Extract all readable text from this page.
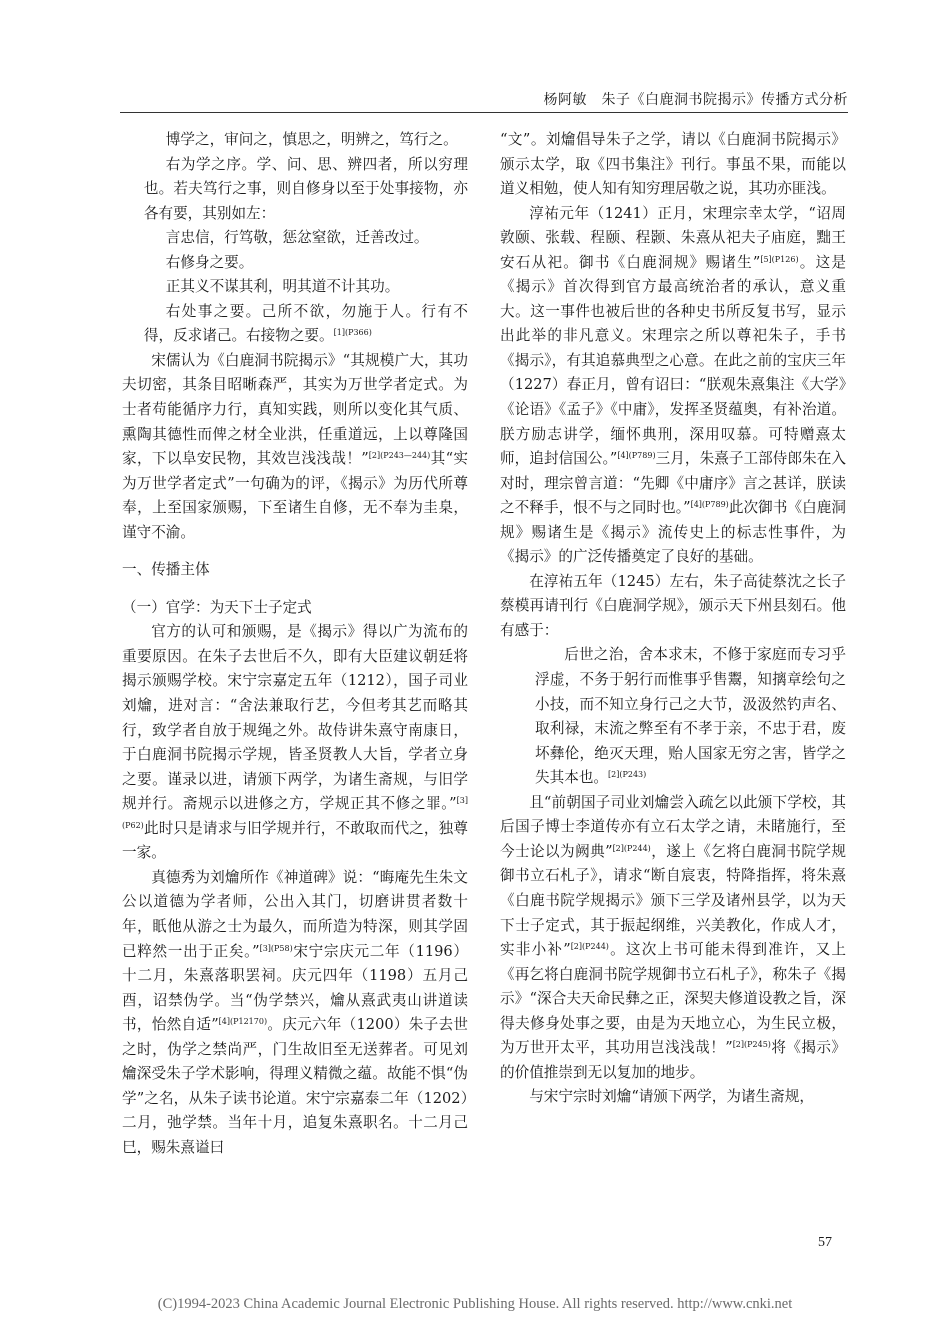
杨阿敏　朱子《白鹿洞书院揭示》传播方式分析

博学之，审问之，慎思之，明辨之，笃行之。

右为学之序。学、问、思、辨四者，所以穷理也。若夫笃行之事，则自修身以至于处事接物，亦各有要，其别如左：

言忠信，行笃敬，惩忿窒欲，迁善改过。

右修身之要。

正其义不谋其利，明其道不计其功。

右处事之要。己所不欲，勿施于人。行有不得，反求诸己。右接物之要。$^{[1](P366)}$

宋儒认为《白鹿洞书院揭示》“其规模广大，其功夫切密，其条目昭晰森严，其实为万世学者定式。为士者苟能循序力行，真知实践，则所以变化其气质、熏陶其德性而俾之材全业洪，任重道远，上以尊隆国家，下以阜安民物，其效岂浅浅哉！”$^{[2](P243—244)}$其“实为万世学者定式”一句确为的评，《揭示》为历代所尊奉，上至国家颁赐，下至诸生自修，无不奉为圭臬，谨守不渝。

一、传播主体

（一）官学：为天下士子定式

官方的认可和颁赐，是《揭示》得以广为流布的重要原因。在朱子去世后不久，即有大臣建议朝廷将揭示颁赐学校。宋宁宗嘉定五年（1212），国子司业刘爚，进对言：“舍法兼取行艺，今但考其艺而略其行，致学者自放于规绳之外。故侍讲朱熹守南康日，于白鹿洞书院揭示学规，皆圣贤教人大旨，学者立身之要。谨录以进，请颁下两学，为诸生斋规，与旧学规并行。斋规示以进修之方，学规正其不修之罪。”$^{[3](P62)}$此时只是请求与旧学规并行，不敢取而代之，独尊一家。

真德秀为刘爚所作《神道碑》说：“晦庵先生朱文公以道德为学者师，公出入其门，切磨讲贯者数十年，眂他从游之士为最久，而所造为特深，则其学固已粹然一出于正矣。”$^{[3](P58)}$宋宁宗庆元二年（1196）十二月，朱熹落职罢祠。庆元四年（1198）五月己酉，诏禁伪学。当“伪学禁兴，爚从熹武夷山讲道读书，怡然自适”$^{[4](P12170)}$。庆元六年（1200）朱子去世之时，伪学之禁尚严，门生故旧至无送葬者。可见刘爚深受朱子学术影响，得理义精微之蕴。故能不惧“伪学”之名，从朱子读书论道。宋宁宗嘉泰二年（1202）二月，弛学禁。当年十月，追复朱熹职名。十二月己巳，赐朱熹谥曰

“文”。刘爚倡导朱子之学，请以《白鹿洞书院揭示》颁示太学，取《四书集注》刊行。事虽不果，而能以道义相勉，使人知有知穷理居敬之说，其功亦匪浅。

淳祐元年（1241）正月，宋理宗幸太学，“诏周敦颐、张载、程颐、程颢、朱熹从祀夫子庙庭，黜王安石从祀。御书《白鹿洞规》赐诸生”$^{[5](P126)}$。这是《揭示》首次得到官方最高统治者的承认，意义重大。这一事件也被后世的各种史书所反复书写，显示出此举的非凡意义。宋理宗之所以尊祀朱子，手书《揭示》，有其追慕典型之心意。在此之前的宝庆三年（1227）春正月，曾有诏曰：“朕观朱熹集注《大学》《论语》《孟子》《中庸》，发挥圣贤蕴奥，有补治道。朕方励志讲学，缅怀典刑，深用叹慕。可特赠熹太师，追封信国公。”$^{[4](P789)}$三月，朱熹子工部侍郎朱在入对时，理宗曾言道：“先卿《中庸序》言之甚详，朕读之不释手，恨不与之同时也。”$^{[4](P789)}$此次御书《白鹿洞规》赐诸生是《揭示》流传史上的标志性事件，为《揭示》的广泛传播奠定了良好的基础。

在淳祐五年（1245）左右，朱子高徒蔡沈之长子蔡模再请刊行《白鹿洞学规》，颁示天下州县刻石。他有感于：

后世之治，舍本求末，不修于家庭而专习乎浮虚，不务于躬行而惟事乎售鬻，知摛章绘句之小技，而不知立身行己之大节，汲汲然钓声名、取利禄，末流之弊至有不孝于亲，不忠于君，废坏彝伦，绝灭天理，贻人国家无穷之害，皆学之失其本也。$^{[2](P243)}$

且“前朝国子司业刘爚尝入疏乞以此颁下学校，其后国子博士李道传亦有立石太学之请，未睹施行，至今士论以为阙典”$^{[2](P244)}$，遂上《乞将白鹿洞书院学规御书立石札子》，请求“断自宸衷，特降指挥，将朱熹《白鹿书院学规揭示》颁下三学及诸州县学，以为天下士子定式，其于振起纲维，兴美教化，作成人才，实非小补”$^{[2](P244)}$。这次上书可能未得到准许，又上《再乞将白鹿洞书院学规御书立石札子》，称朱子《揭示》“深合夫天命民彝之正，深契夫修道设教之旨，深得夫修身处事之要，由是为天地立心，为生民立极，为万世开太平，其功用岂浅浅哉！”$^{[2](P245)}$将《揭示》的价值推崇到无以复加的地步。

与宋宁宗时刘爚“请颁下两学，为诸生斋规，

57
(C)1994-2023 China Academic Journal Electronic Publishing House. All rights reserved. http://www.cnki.net
